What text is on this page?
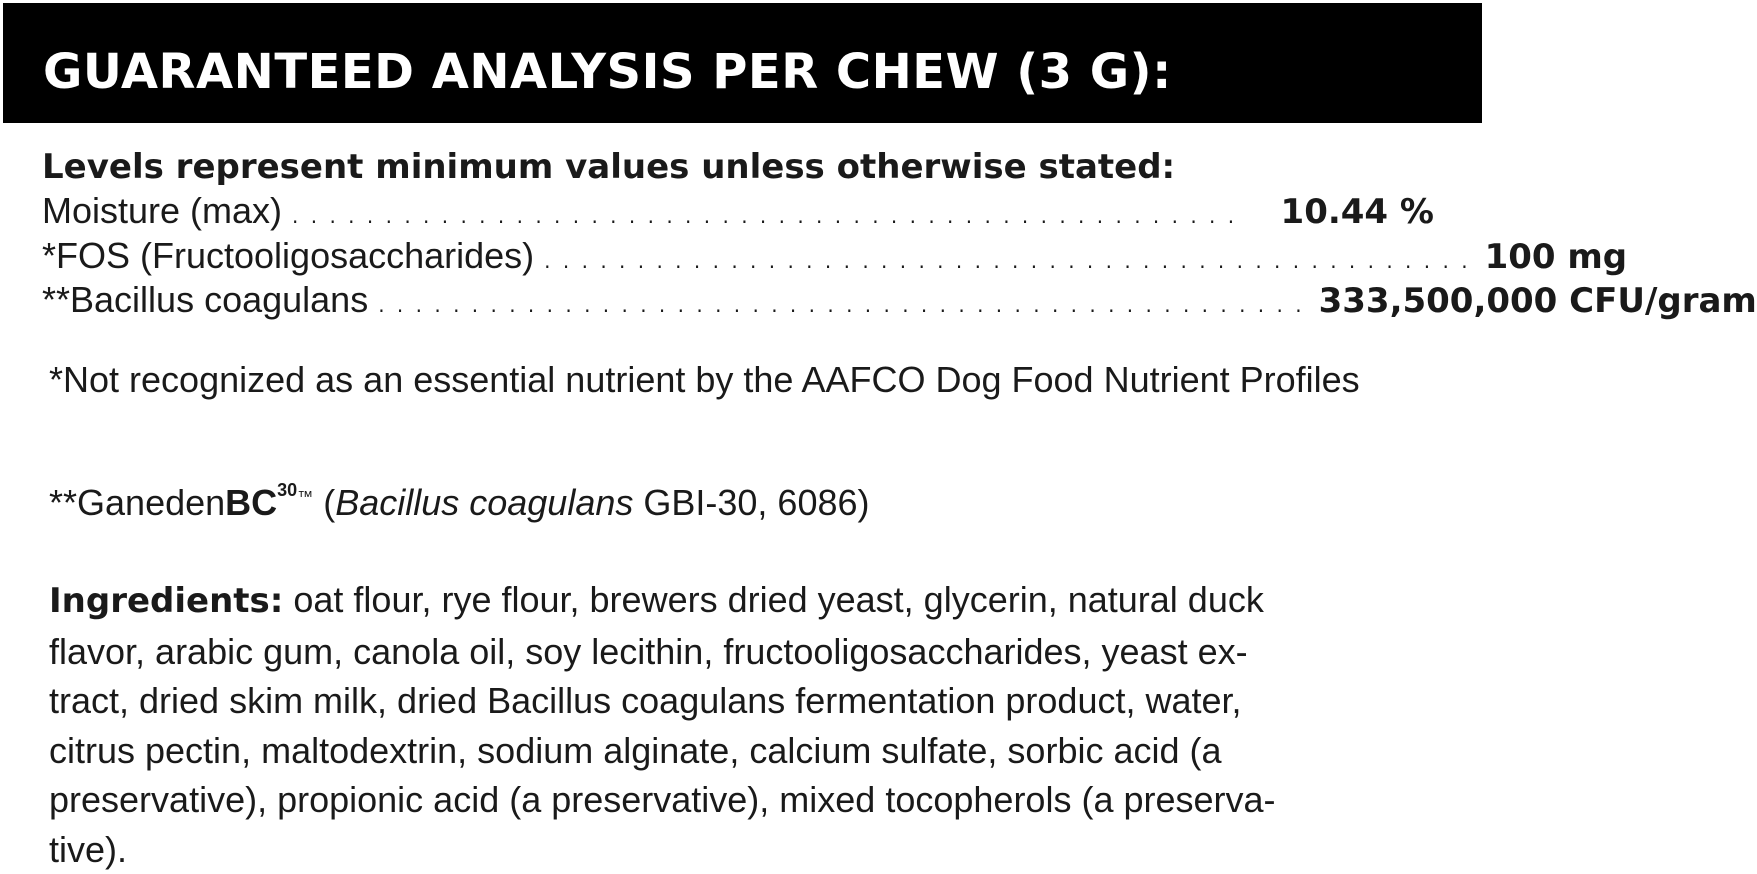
GUARANTEED ANALYSIS PER CHEW (3 G):
Levels represent minimum values unless otherwise stated:
Moisture (max) . . . . . . . . . . . . . . . . . . . . . . . . . . . . . . . . . . . . . . . . . . . . . . . . . . .	10.44 %
*FOS (Fructooligosaccharides) . . . . . . . . . . . . . . . . . . . . . . . . . . . . . . . . . . . . . . . . . . . . . . . . . . 100 mg
**Bacillus coagulans . . . . . . . . . . . . . . . . . . . . . . . . . . . . . . . . . . . . . . . . . . . . . . . . . . 333,500,000 CFU/gram
*Not recognized as an essential nutrient by the AAFCO Dog Food Nutrient Profiles
**GanedenBC$^{30™}$ (Bacillus coagulans GBI-30, 6086)
Ingredients: oat flour, rye flour, brewers dried yeast, glycerin, natural duck
flavor, arabic gum, canola oil, soy lecithin, fructooligosaccharides, yeast ex-
tract, dried skim milk, dried Bacillus coagulans fermentation product, water,
citrus pectin, maltodextrin, sodium alginate, calcium sulfate, sorbic acid (a
preservative), propionic acid (a preservative), mixed tocopherols (a preserva-
tive).
